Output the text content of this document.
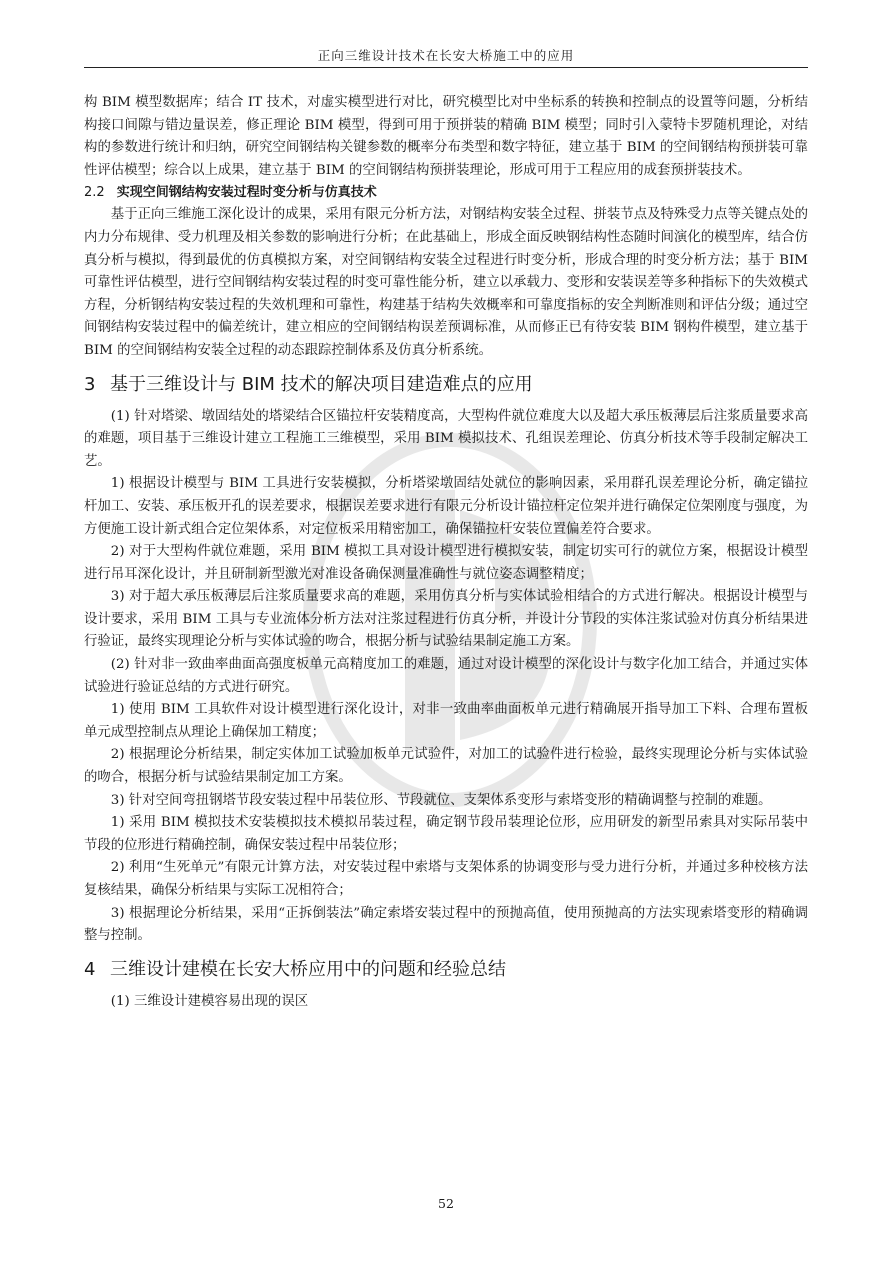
正向三维设计技术在长安大桥施工中的应用

构 BIM 模型数据库；结合 IT 技术，对虚实模型进行对比，研究模型比对中坐标系的转换和控制点的设置等问题，分析结构接口间隙与错边量误差，修正理论 BIM 模型，得到可用于预拼装的精确 BIM 模型；同时引入蒙特卡罗随机理论，对结构的参数进行统计和归纳，研究空间钢结构关键参数的概率分布类型和数字特征，建立基于 BIM 的空间钢结构预拼装可靠性评估模型；综合以上成果，建立基于 BIM 的空间钢结构预拼装理论，形成可用于工程应用的成套预拼装技术。

2.2 实现空间钢结构安装过程时变分析与仿真技术

基于正向三维施工深化设计的成果，采用有限元分析方法，对钢结构安装全过程、拼装节点及特殊受力点等关键点处的内力分布规律、受力机理及相关参数的影响进行分析；在此基础上，形成全面反映钢结构性态随时间演化的模型库，结合仿真分析与模拟，得到最优的仿真模拟方案，对空间钢结构安装全过程进行时变分析，形成合理的时变分析方法；基于 BIM 可靠性评估模型，进行空间钢结构安装过程的时变可靠性能分析，建立以承载力、变形和安装误差等多种指标下的失效模式方程，分析钢结构安装过程的失效机理和可靠性，构建基于结构失效概率和可靠度指标的安全判断准则和评估分级；通过空间钢结构安装过程中的偏差统计，建立相应的空间钢结构误差预调标准，从而修正已有待安装 BIM 钢构件模型，建立基于 BIM 的空间钢结构安装全过程的动态跟踪控制体系及仿真分析系统。

3 基于三维设计与 BIM 技术的解决项目建造难点的应用

(1) 针对塔梁、墩固结处的塔梁结合区锚拉杆安装精度高，大型构件就位难度大以及超大承压板薄层后注浆质量要求高的难题，项目基于三维设计建立工程施工三维模型，采用 BIM 模拟技术、孔组误差理论、仿真分析技术等手段制定解决工艺。

1) 根据设计模型与 BIM 工具进行安装模拟，分析塔梁墩固结处就位的影响因素，采用群孔误差理论分析，确定锚拉杆加工、安装、承压板开孔的误差要求，根据误差要求进行有限元分析设计锚拉杆定位架并进行确保定位架刚度与强度，为方便施工设计新式组合定位架体系，对定位板采用精密加工，确保锚拉杆安装位置偏差符合要求。

2) 对于大型构件就位难题，采用 BIM 模拟工具对设计模型进行模拟安装，制定切实可行的就位方案，根据设计模型进行吊耳深化设计，并且研制新型激光对准设备确保测量准确性与就位姿态调整精度；

3) 对于超大承压板薄层后注浆质量要求高的难题，采用仿真分析与实体试验相结合的方式进行解决。根据设计模型与设计要求，采用 BIM 工具与专业流体分析方法对注浆过程进行仿真分析，并设计分节段的实体注浆试验对仿真分析结果进行验证，最终实现理论分析与实体试验的吻合，根据分析与试验结果制定施工方案。

(2) 针对非一致曲率曲面高强度板单元高精度加工的难题，通过对设计模型的深化设计与数字化加工结合，并通过实体试验进行验证总结的方式进行研究。

1) 使用 BIM 工具软件对设计模型进行深化设计，对非一致曲率曲面板单元进行精确展开指导加工下料、合理布置板单元成型控制点从理论上确保加工精度；

2) 根据理论分析结果，制定实体加工试验加板单元试验件，对加工的试验件进行检验，最终实现理论分析与实体试验的吻合，根据分析与试验结果制定加工方案。

3) 针对空间弯扭钢塔节段安装过程中吊装位形、节段就位、支架体系变形与索塔变形的精确调整与控制的难题。

1) 采用 BIM 模拟技术安装模拟技术模拟吊装过程，确定钢节段吊装理论位形，应用研发的新型吊索具对实际吊装中节段的位形进行精确控制，确保安装过程中吊装位形；

2) 利用“生死单元”有限元计算方法，对安装过程中索塔与支架体系的协调变形与受力进行分析，并通过多种校核方法复核结果，确保分析结果与实际工况相符合；

3) 根据理论分析结果，采用“正拆倒装法”确定索塔安装过程中的预抛高值，使用预抛高的方法实现索塔变形的精确调整与控制。

4 三维设计建模在长安大桥应用中的问题和经验总结

(1) 三维设计建模容易出现的误区

52
